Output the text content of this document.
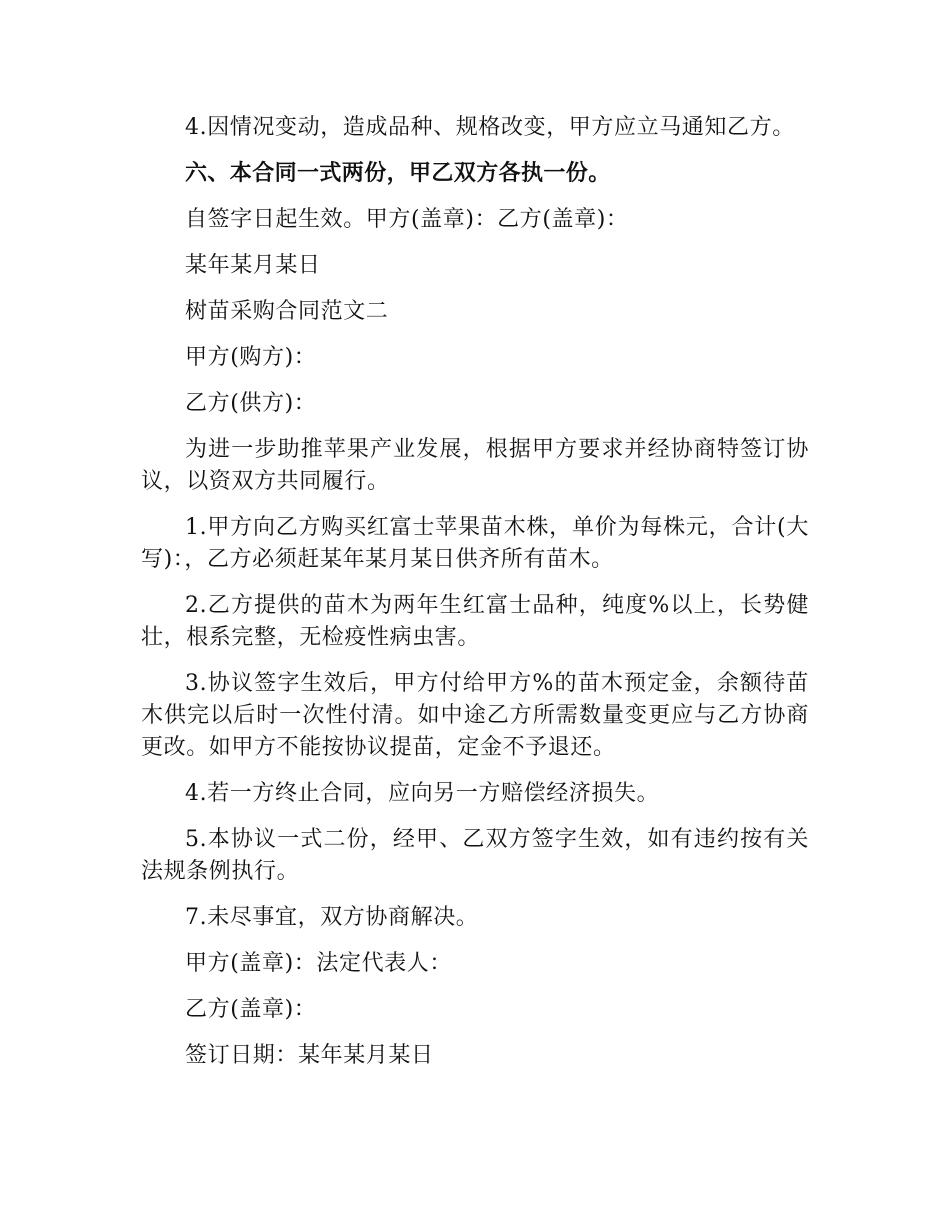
4.因情况变动，造成品种、规格改变，甲方应立马通知乙方。

六、本合同一式两份，甲乙双方各执一份。

自签字日起生效。甲方(盖章)：乙方(盖章)：

某年某月某日

树苗采购合同范文二

甲方(购方)：

乙方(供方)：

为进一步助推苹果产业发展，根据甲方要求并经协商特签订协议，以资双方共同履行。

1.甲方向乙方购买红富士苹果苗木株，单价为每株元，合计(大写)：，乙方必须赶某年某月某日供齐所有苗木。

2.乙方提供的苗木为两年生红富士品种，纯度%以上，长势健壮，根系完整，无检疫性病虫害。

3.协议签字生效后，甲方付给甲方%的苗木预定金，余额待苗木供完以后时一次性付清。如中途乙方所需数量变更应与乙方协商更改。如甲方不能按协议提苗，定金不予退还。

4.若一方终止合同，应向另一方赔偿经济损失。

5.本协议一式二份，经甲、乙双方签字生效，如有违约按有关法规条例执行。

7.未尽事宜，双方协商解决。

甲方(盖章)：法定代表人：

乙方(盖章)：

签订日期：某年某月某日
